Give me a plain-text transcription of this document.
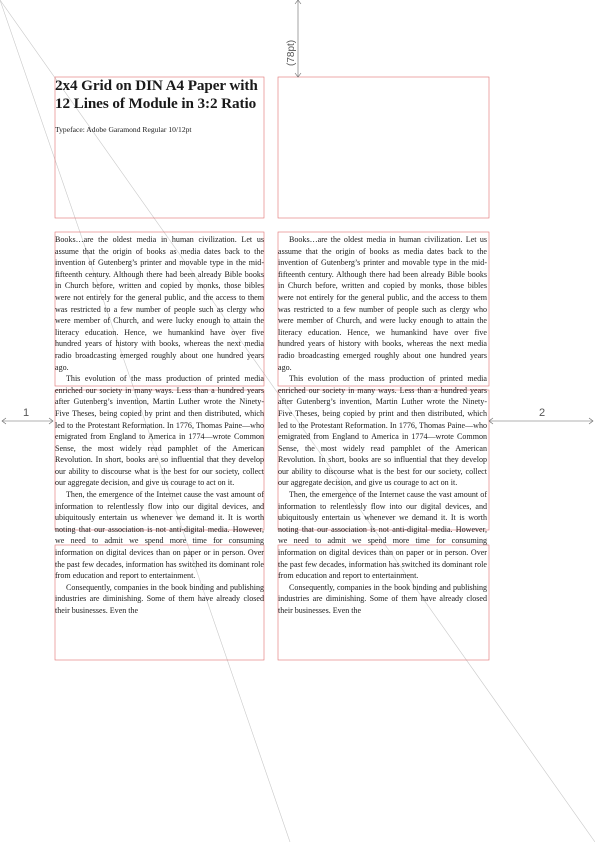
(78pt)
1	2
2x4 Grid on DIN A4 Paper with 12 Lines of Module in 3:2 Ratio
Typeface: Adobe Garamond Regular 10/12pt

Books…are the oldest media in human civilization. Let us assume that the origin of books as media dates back to the invention of Gutenberg’s printer and movable type in the mid-fifteenth century. Although there had been already Bible books in Church before, written and copied by monks, those bibles were not entirely for the general public, and the access to them was restricted to a few number of people such as clergy who were member of Church, and were lucky enough to attain the literacy education. Hence, we humankind have over five hundred years of history with books, whereas the next media radio broadcasting emerged roughly about one hundred years ago.

This evolution of the mass production of printed media enriched our society in many ways. Less than a hundred years after Gutenberg’s invention, Martin Luther wrote the Ninety-Five Theses, being copied by print and then distributed, which led to the Protestant Reformation. In 1776, Thomas Paine—who emigrated from England to America in 1774—wrote Common Sense, the most widely read pamphlet of the American Revolution. In short, books are so influential that they develop our ability to discourse what is the best for our society, collect our aggregate decision, and give us courage to act on it.

Then, the emergence of the Internet cause the vast amount of information to relentlessly flow into our digital devices, and ubiquitously entertain us whenever we demand it. It is worth noting that our association is not anti-digital media. However, we need to admit we spend more time for consuming information on digital devices than on paper or in person. Over the past few decades, information has switched its dominant role from education and report to entertainment.

Consequently, companies in the book binding and publishing industries are diminishing. Some of them have already closed their businesses. Even the

Books…are the oldest media in human civilization. Let us assume that the origin of books as media dates back to the invention of Gutenberg’s printer and movable type in the mid-fifteenth century. Although there had been already Bible books in Church before, written and copied by monks, those bibles were not entirely for the general public, and the access to them was restricted to a few number of people such as clergy who were member of Church, and were lucky enough to attain the literacy education. Hence, we humankind have over five hundred years of history with books, whereas the next media radio broadcasting emerged roughly about one hundred years ago.

This evolution of the mass production of printed media enriched our society in many ways. Less than a hundred years after Gutenberg’s invention, Martin Luther wrote the Ninety-Five Theses, being copied by print and then distributed, which led to the Protestant Reformation. In 1776, Thomas Paine—who emigrated from England to America in 1774—wrote Common Sense, the most widely read pamphlet of the American Revolution. In short, books are so influential that they develop our ability to discourse what is the best for our society, collect our aggregate decision, and give us courage to act on it.

Then, the emergence of the Internet cause the vast amount of information to relentlessly flow into our digital devices, and ubiquitously entertain us whenever we demand it. It is worth noting that our association is not anti-digital media. However, we need to admit we spend more time for consuming information on digital devices than on paper or in person. Over the past few decades, information has switched its dominant role from education and report to entertainment.

Consequently, companies in the book binding and publishing industries are diminishing. Some of them have already closed their businesses. Even the
